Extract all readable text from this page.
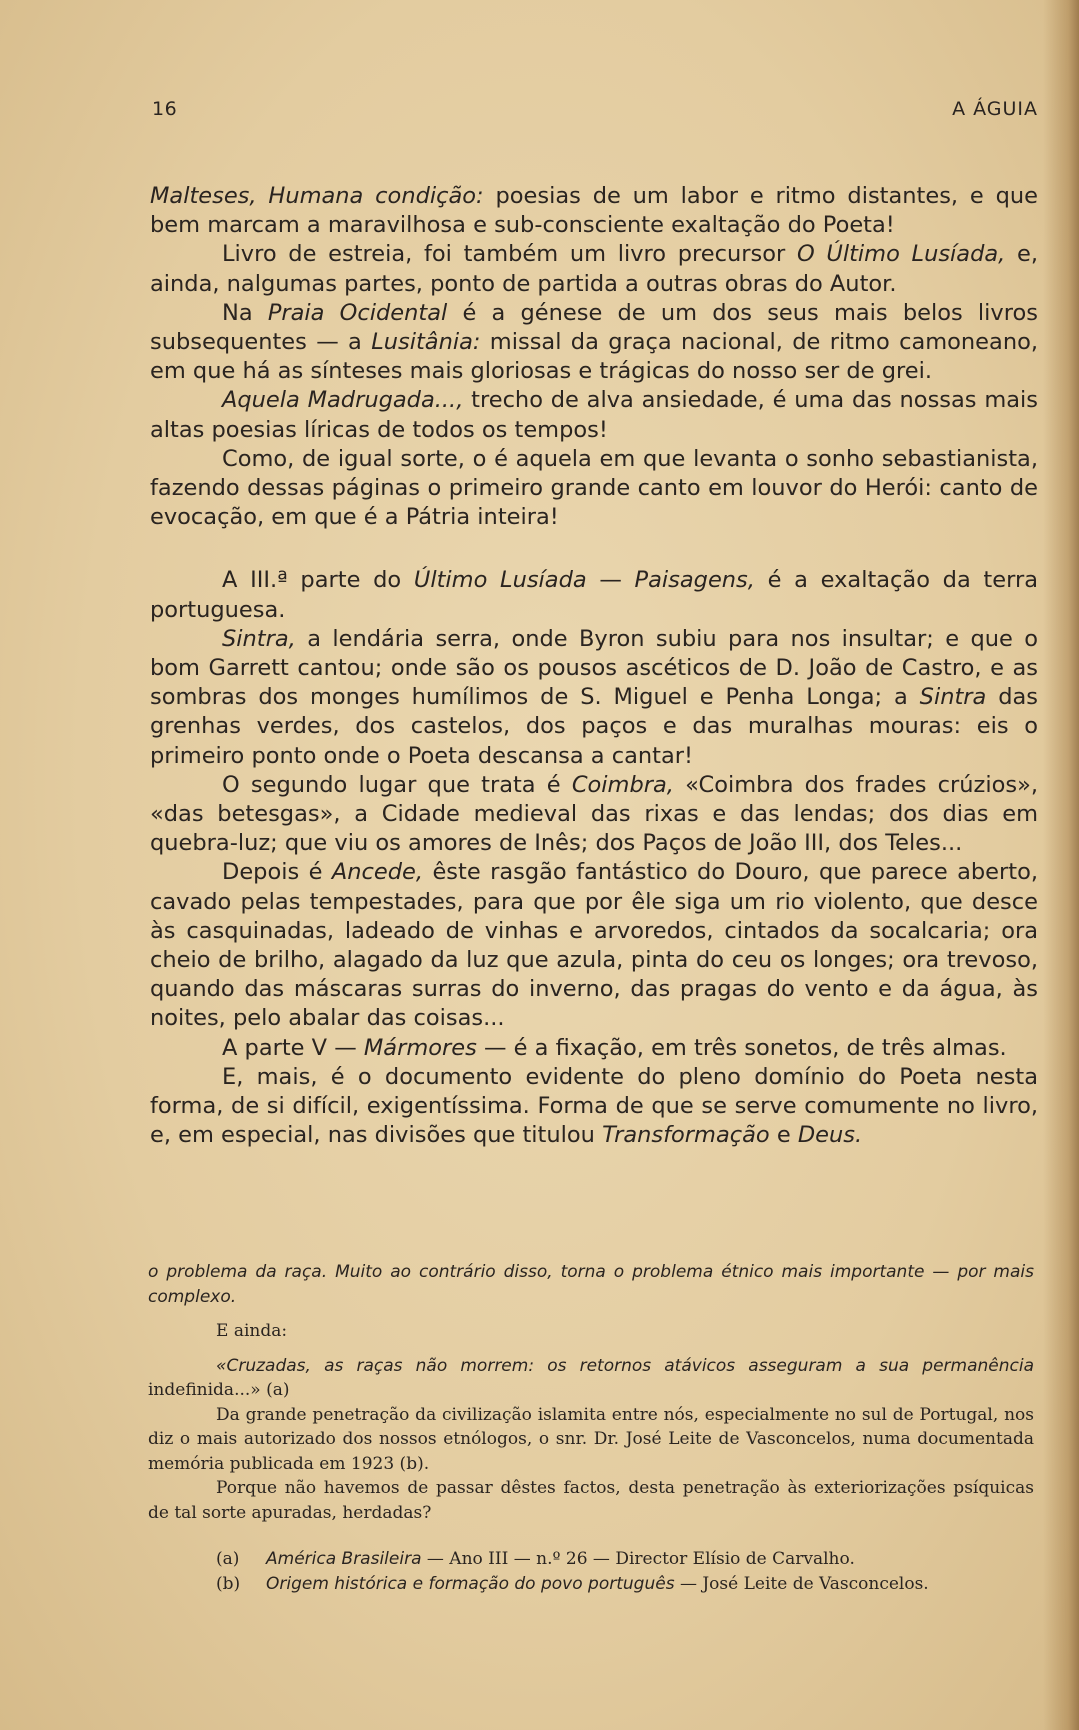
16	A ÁGUIA

Malteses, Humana condição: poesias de um labor e ritmo distantes, e que bem marcam a maravilhosa e sub-consciente exaltação do Poeta!

Livro de estreia, foi também um livro precursor O Último Lusíada, e, ainda, nalgumas partes, ponto de partida a outras obras do Autor.

Na Praia Ocidental é a génese de um dos seus mais belos livros subsequentes — a Lusitânia: missal da graça nacional, de ritmo camoneano, em que há as sínteses mais gloriosas e trágicas do nosso ser de grei.

Aquela Madrugada..., trecho de alva ansiedade, é uma das nossas mais altas poesias líricas de todos os tempos!

Como, de igual sorte, o é aquela em que levanta o sonho sebastianista, fazendo dessas páginas o primeiro grande canto em louvor do Herói: canto de evocação, em que é a Pátria inteira!

A III.ª parte do Último Lusíada — Paisagens, é a exaltação da terra portuguesa.

Sintra, a lendária serra, onde Byron subiu para nos insultar; e que o bom Garrett cantou; onde são os pousos ascéticos de D. João de Castro, e as sombras dos monges humílimos de S. Miguel e Penha Longa; a Sintra das grenhas verdes, dos castelos, dos paços e das muralhas mouras: eis o primeiro ponto onde o Poeta descansa a cantar!

O segundo lugar que trata é Coimbra, «Coimbra dos frades crúzios», «das betesgas», a Cidade medieval das rixas e das lendas; dos dias em quebra-luz; que viu os amores de Inês; dos Paços de João III, dos Teles...

Depois é Ancede, êste rasgão fantástico do Douro, que parece aberto, cavado pelas tempestades, para que por êle siga um rio violento, que desce às casquinadas, ladeado de vinhas e arvoredos, cintados da socalcaria; ora cheio de brilho, alagado da luz que azula, pinta do ceu os longes; ora trevoso, quando das máscaras surras do inverno, das pragas do vento e da água, às noites, pelo abalar das coisas...

A parte V — Mármores — é a fixação, em três sonetos, de três almas.

E, mais, é o documento evidente do pleno domínio do Poeta nesta forma, de si difícil, exigentíssima. Forma de que se serve comumente no livro, e, em especial, nas divisões que titulou Transformação e Deus.

o problema da raça. Muito ao contrário disso, torna o problema étnico mais importante — por mais complexo.

E ainda:

«Cruzadas, as raças não morrem: os retornos atávicos asseguram a sua permanência indefinida...» (a)

Da grande penetração da civilização islamita entre nós, especialmente no sul de Portugal, nos diz o mais autorizado dos nossos etnólogos, o snr. Dr. José Leite de Vasconcelos, numa documentada memória publicada em 1923 (b).

Porque não havemos de passar dêstes factos, desta penetração às exteriorizações psíquicas de tal sorte apuradas, herdadas?

(a)	América Brasileira — Ano III — n.º 26 — Director Elísio de Carvalho.
(b)	Origem histórica e formação do povo português — José Leite de Vasconcelos.
